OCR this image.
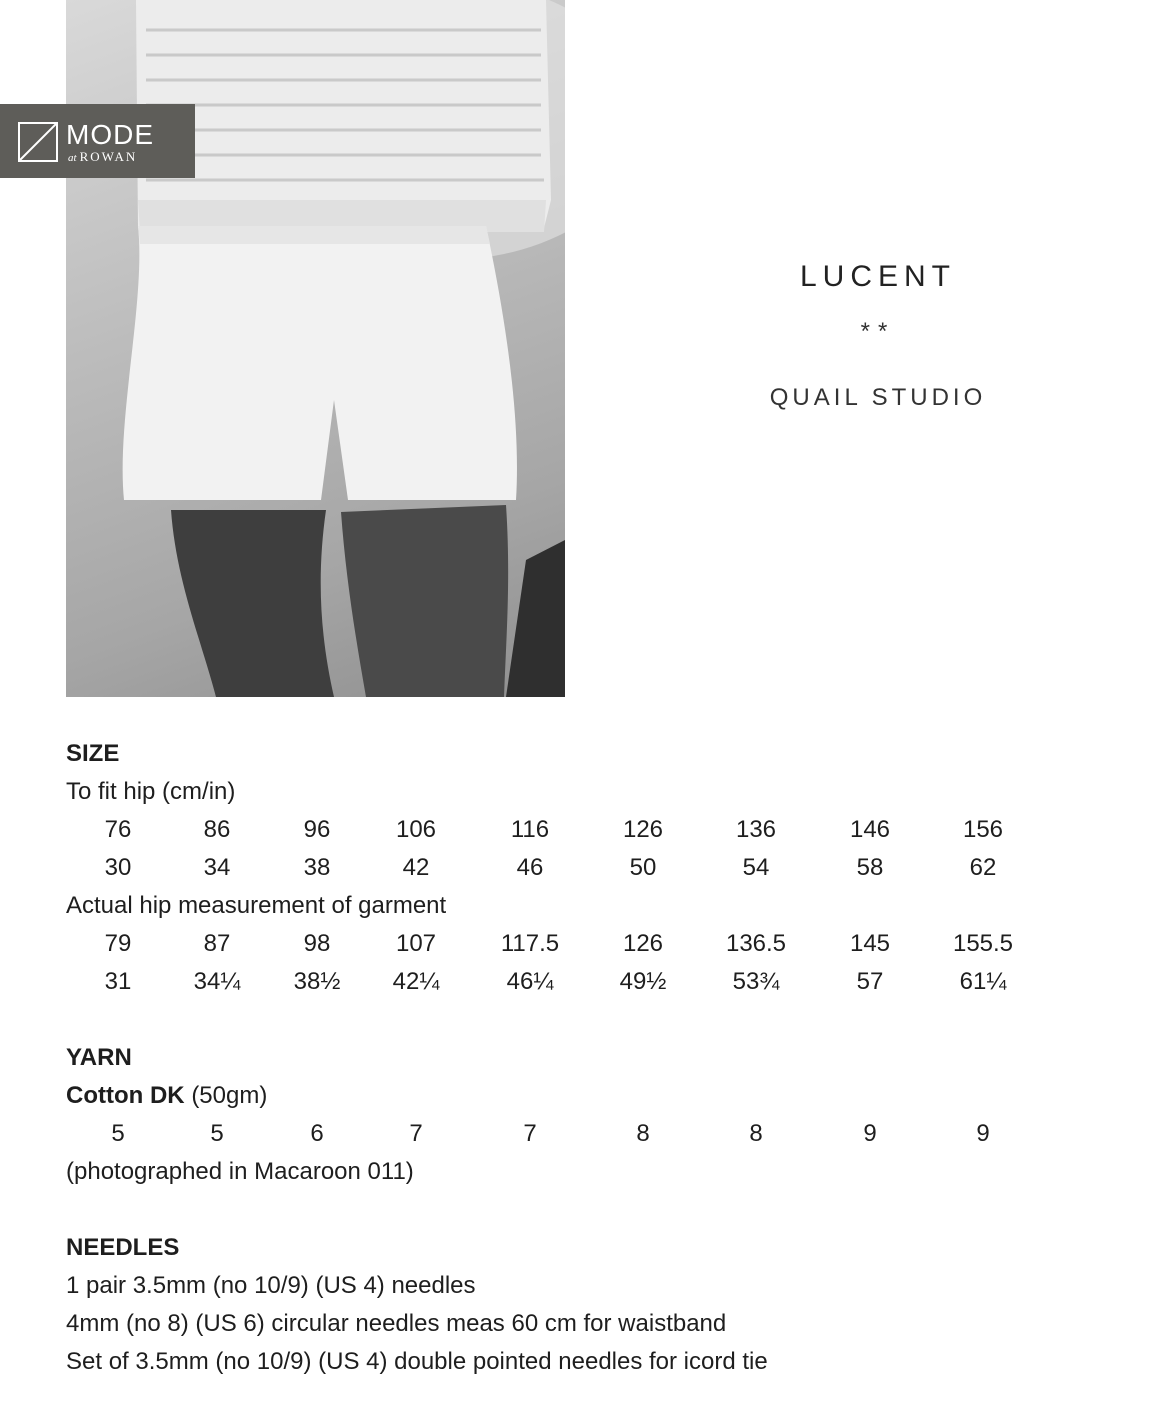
MODE
at ROWAN
LUCENT
**
QUAIL STUDIO
SIZE
To fit hip (cm/in)
76	86	96	106	116	126	136	146	156
30	34	38	42	46	50	54	58	62
Actual hip measurement of garment
79	87	98	107	117.5	126	136.5	145	155.5
31	34¼	38½	42¼	46¼	49½	53¾	57	61¼
YARN
Cotton DK (50gm)
5	5	6	7	7	8	8	9	9
(photographed in Macaroon 011)
NEEDLES
1 pair 3.5mm (no 10/9) (US 4) needles
4mm (no 8) (US 6) circular needles meas 60 cm for waistband
Set of 3.5mm (no 10/9) (US 4) double pointed needles for icord tie
